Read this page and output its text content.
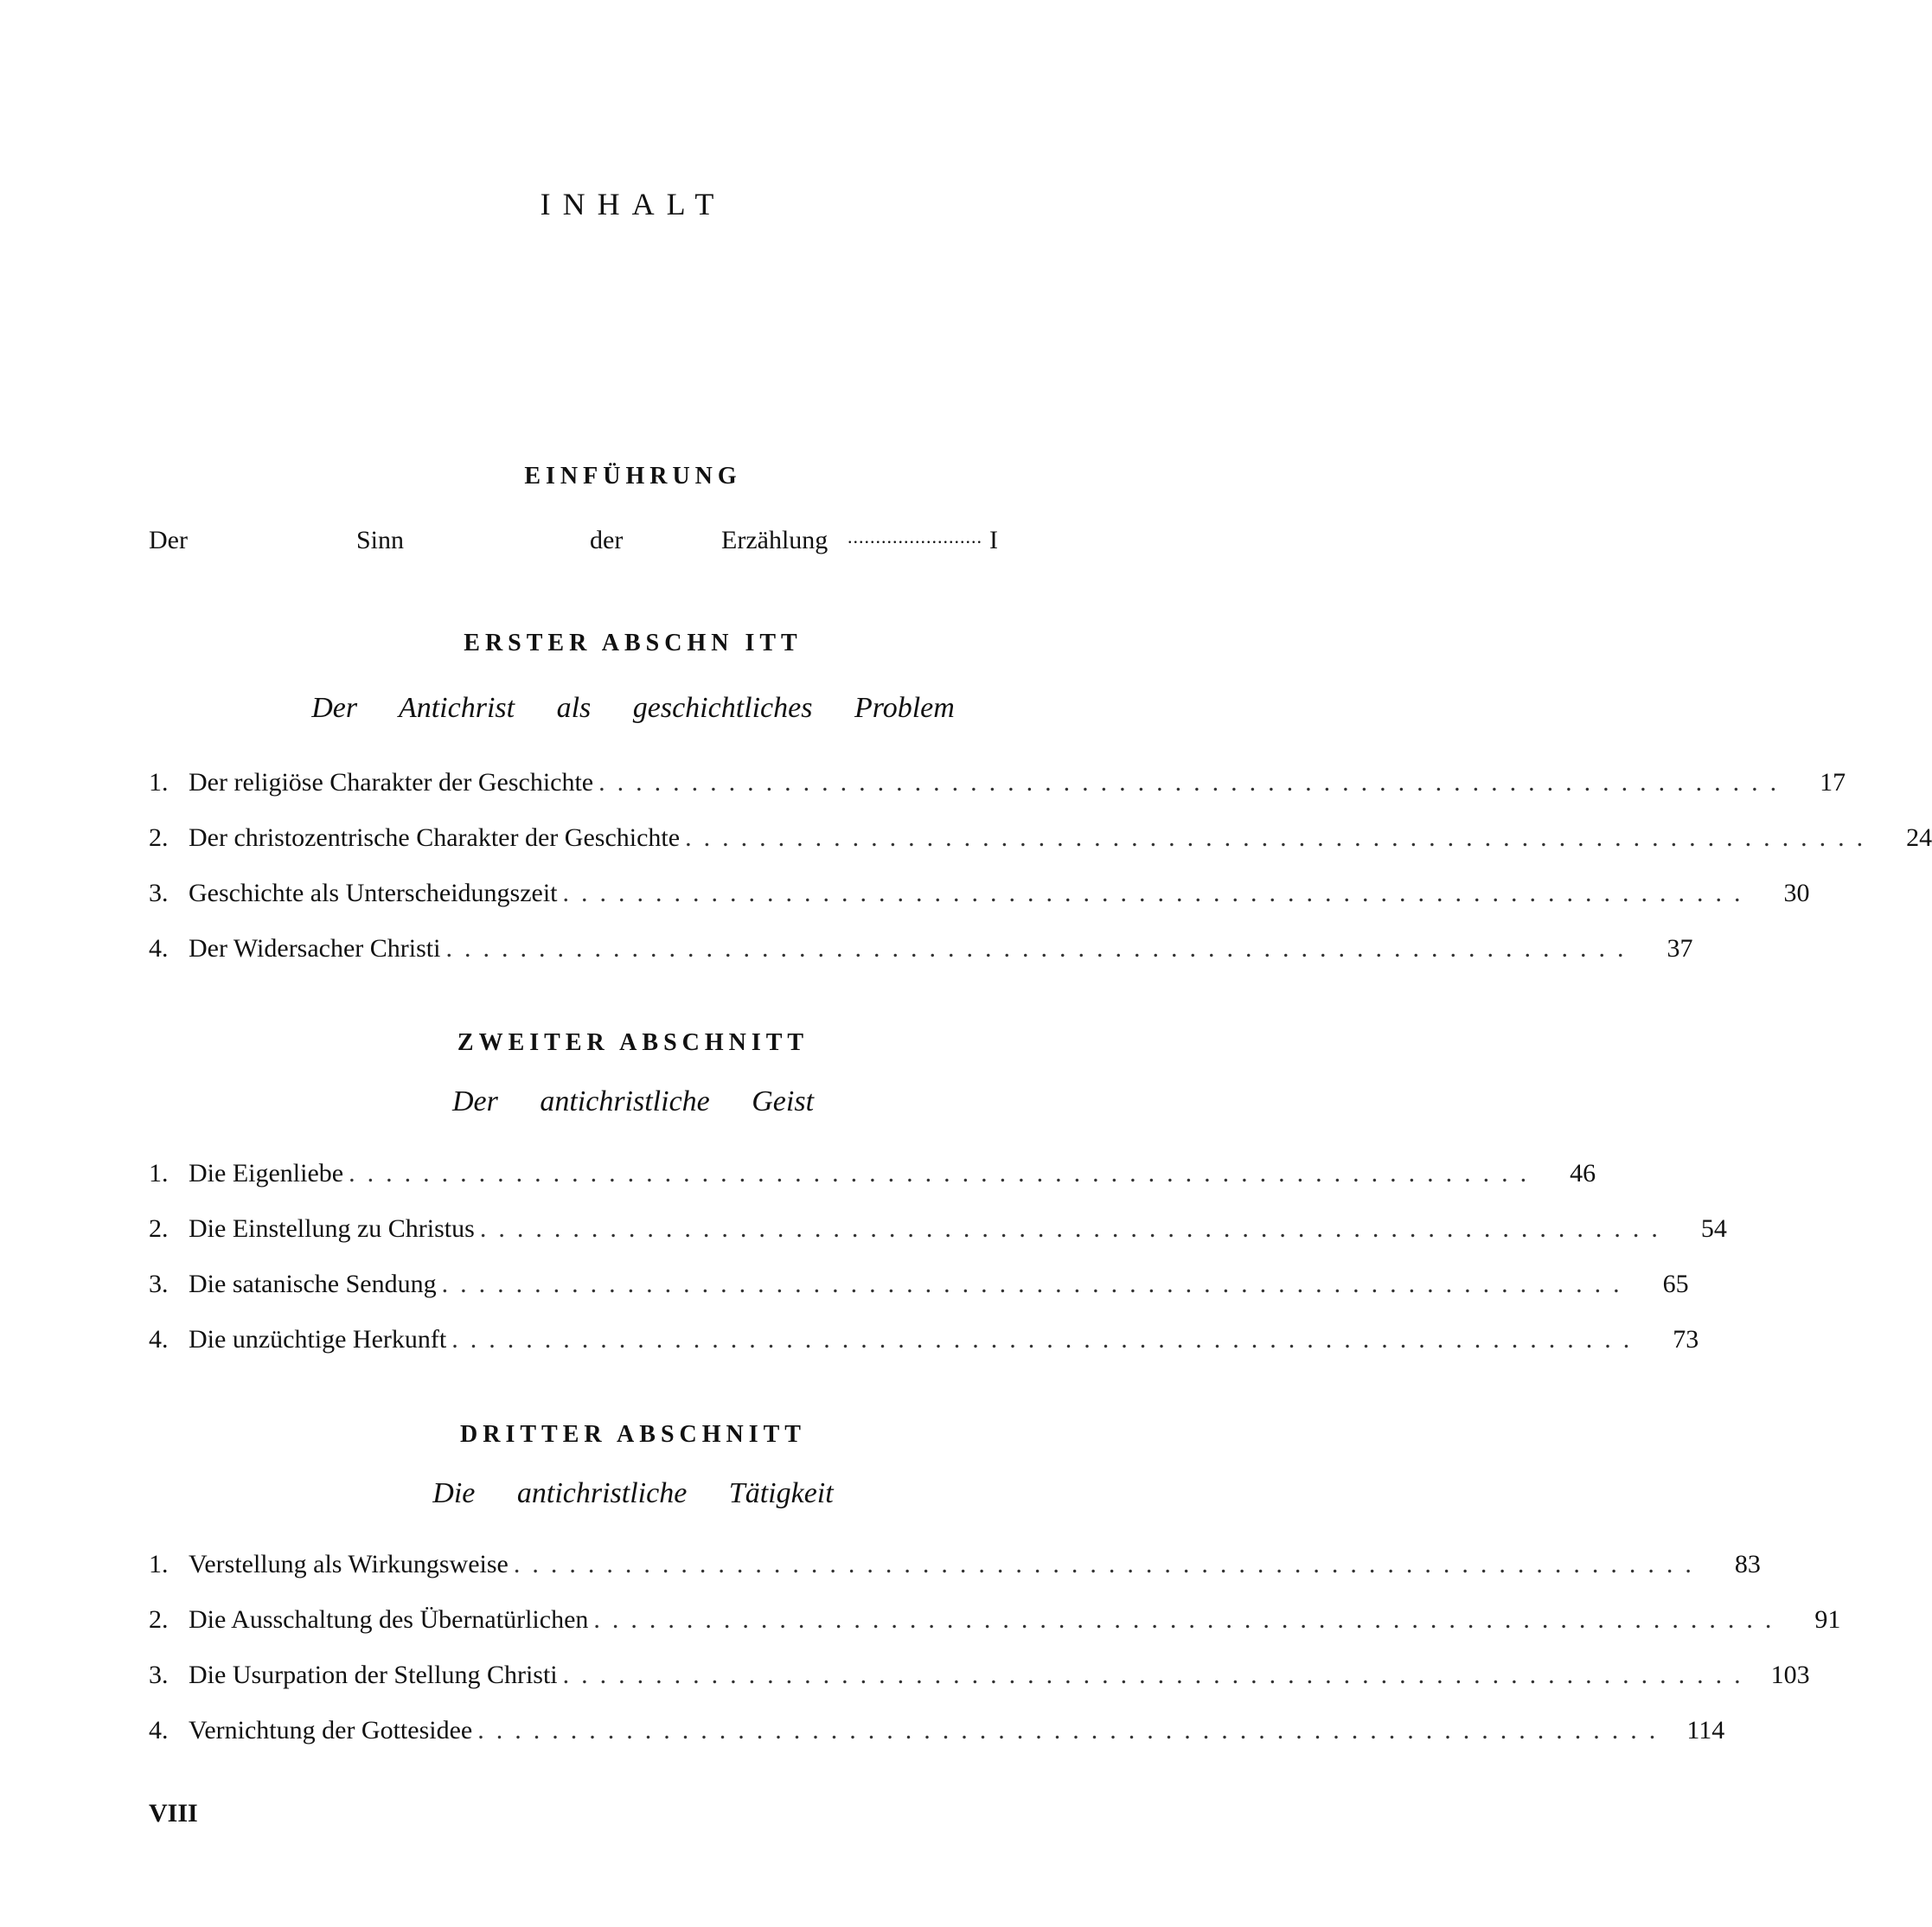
INHALT
EINFÜHRUNG
Der	Sinn	der	Erzählung ........................ I
ERSTER ABSCHN ITT
Der Antichrist als geschichtliches Problem
1. Der religiöse Charakter der Geschichte ................................................................	17
2. Der christozentrische Charakter der Geschichte ................................................................	24
3. Geschichte als Unterscheidungszeit ................................................................	30
4. Der Widersacher Christi ................................................................	37
ZWEITER ABSCHNITT
Der antichristliche Geist
1. Die Eigenliebe ................................................................	46
2. Die Einstellung zu Christus ................................................................	54
3. Die satanische Sendung ................................................................	65
4. Die unzüchtige Herkunft ................................................................	73
DRITTER ABSCHNITT
Die antichristliche Tätigkeit
1. Verstellung als Wirkungsweise ................................................................	83
2. Die Ausschaltung des Übernatürlichen ................................................................	91
3. Die Usurpation der Stellung Christi ................................................................ 103
4. Vernichtung der Gottesidee ................................................................ 114
VIII
